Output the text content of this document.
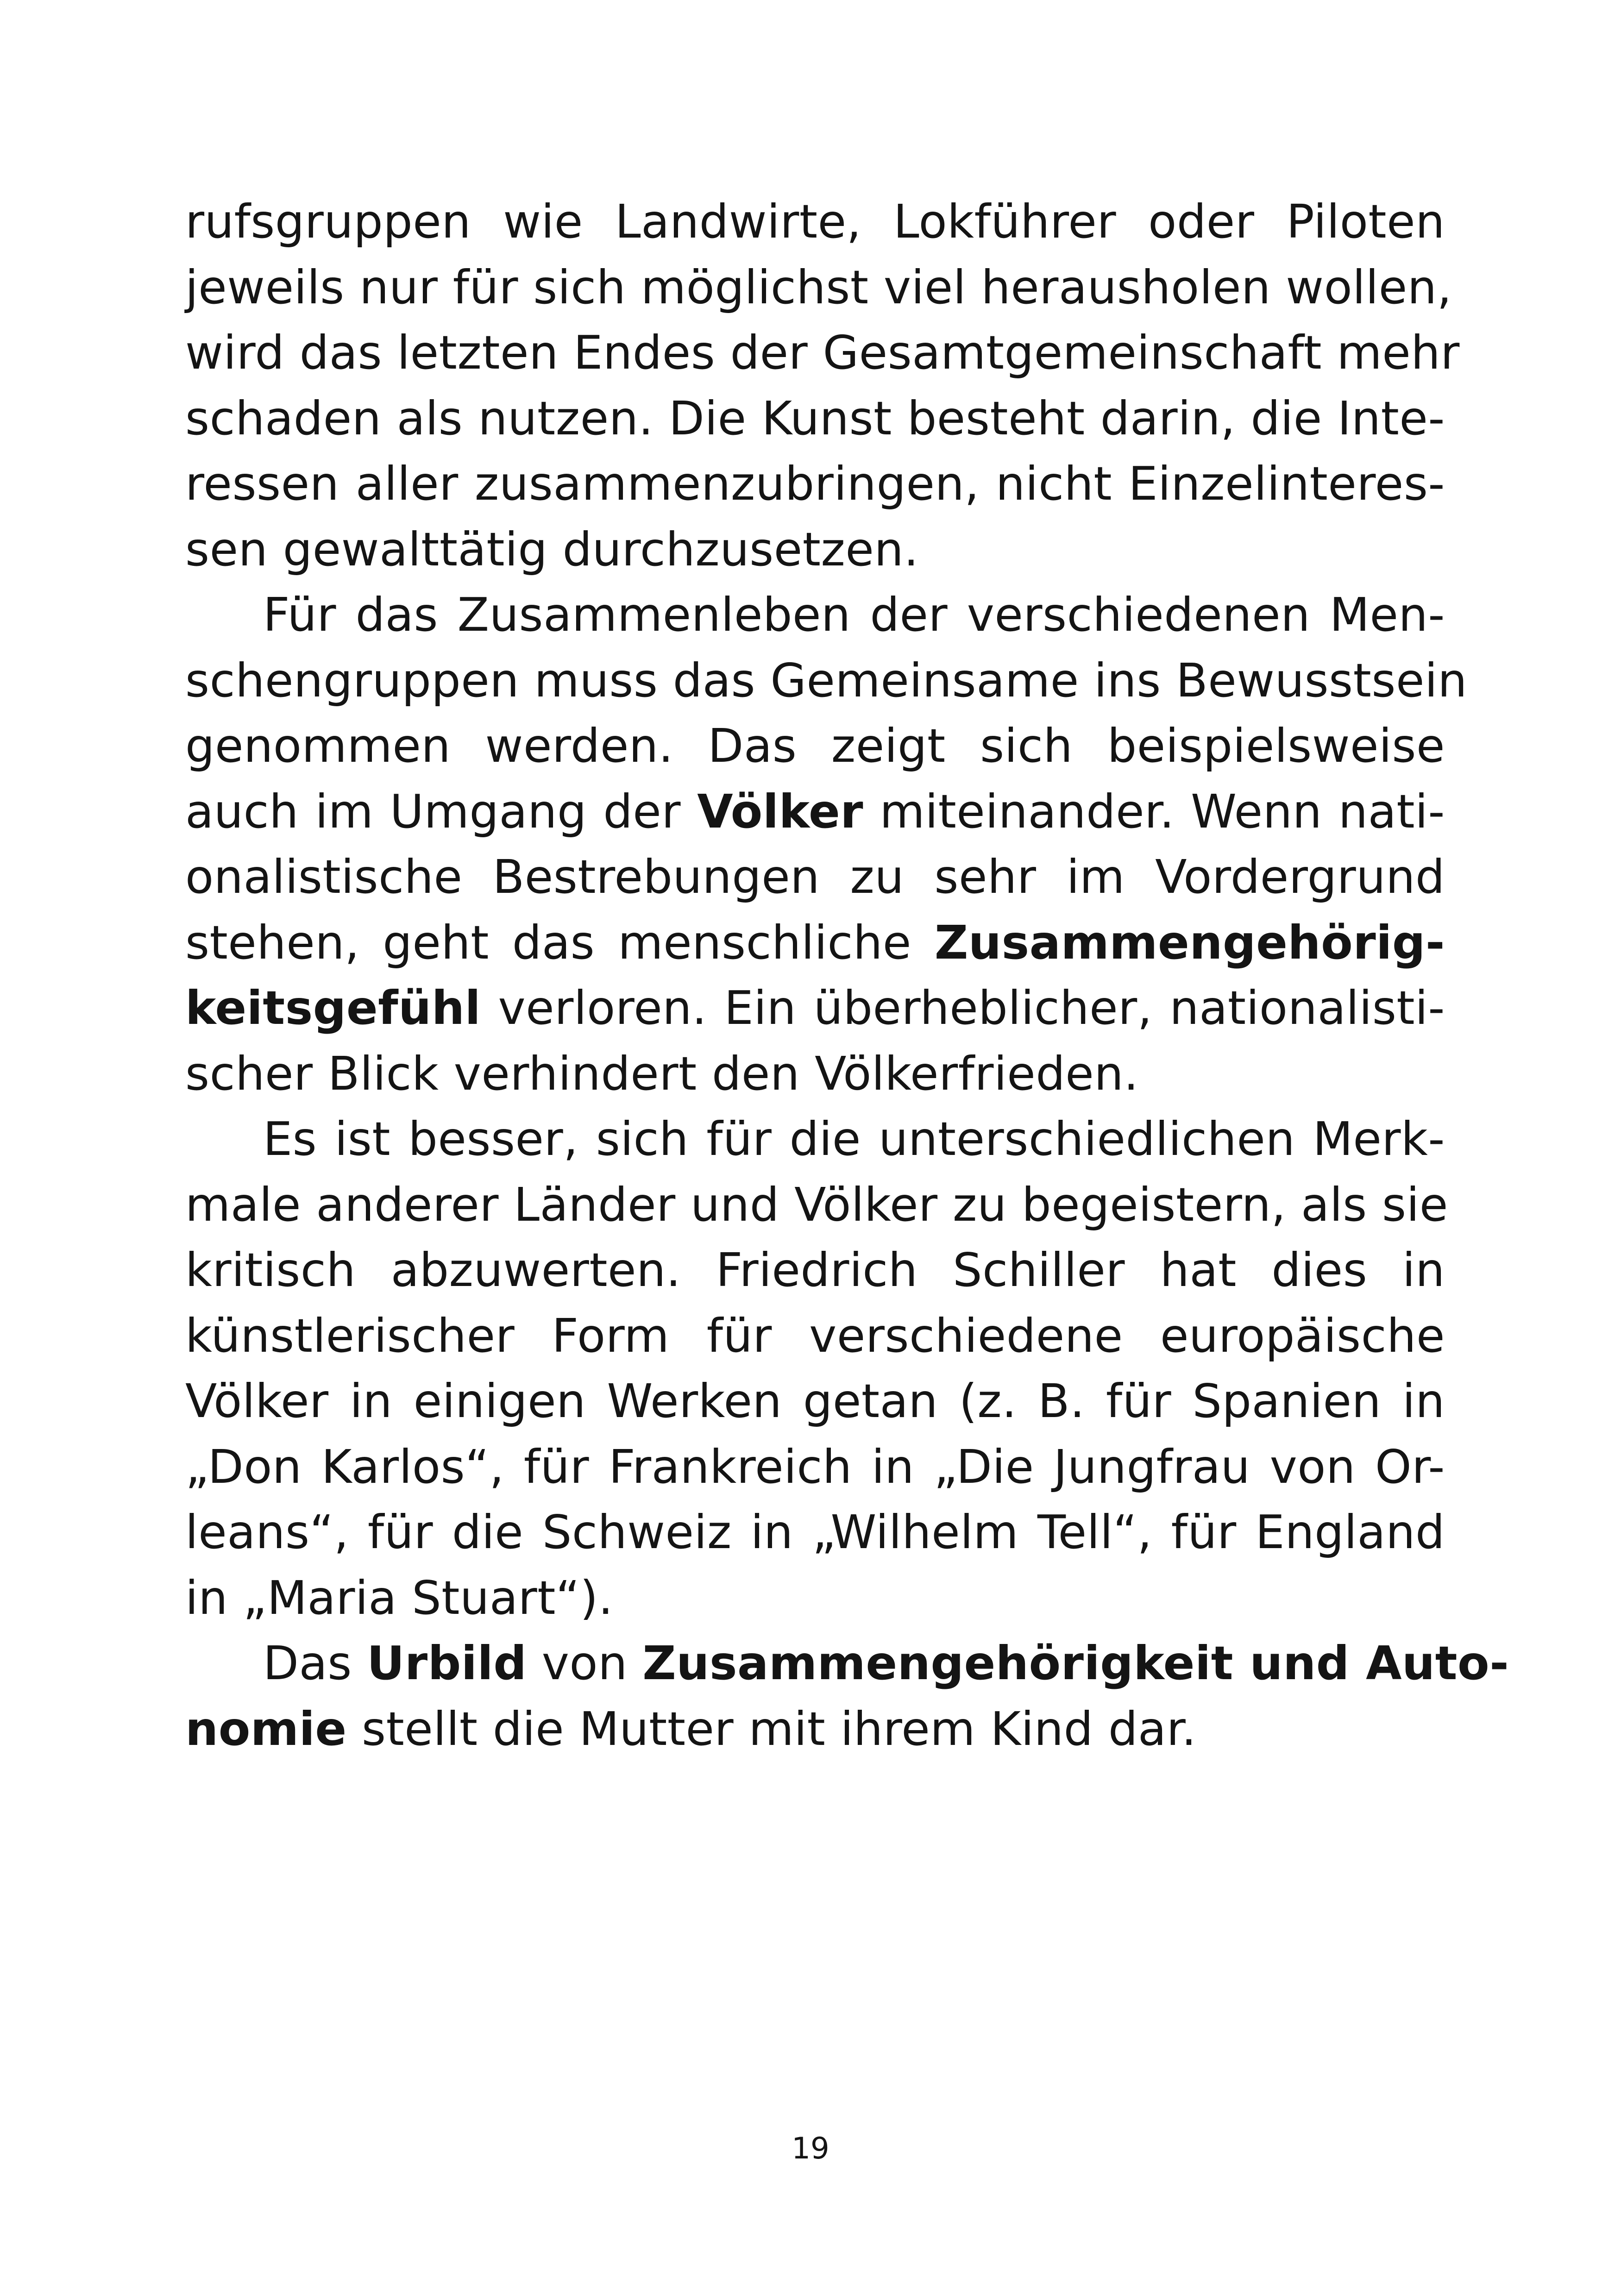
rufsgruppen wie Landwirte, Lokführer oder Piloten
jeweils nur für sich möglichst viel herausholen wollen,
wird das letzten Endes der Gesamtgemeinschaft mehr
schaden als nutzen. Die Kunst besteht darin, die Inte-
ressen aller zusammenzubringen, nicht Einzelinteres-
sen gewalttätig durchzusetzen.
Für das Zusammenleben der verschiedenen Men-
schengruppen muss das Gemeinsame ins Bewusstsein
genommen werden. Das zeigt sich beispielsweise
auch im Umgang der Völker miteinander. Wenn nati-
onalistische Bestrebungen zu sehr im Vordergrund
stehen, geht das menschliche Zusammengehörig-
keitsgefühl verloren. Ein überheblicher, nationalisti-
scher Blick verhindert den Völkerfrieden.
Es ist besser, sich für die unterschiedlichen Merk-
male anderer Länder und Völker zu begeistern, als sie
kritisch abzuwerten. Friedrich Schiller hat dies in
künstlerischer Form für verschiedene europäische
Völker in einigen Werken getan (z. B. für Spanien in
„Don Karlos“, für Frankreich in „Die Jungfrau von Or-
leans“, für die Schweiz in „Wilhelm Tell“, für England
in „Maria Stuart“).
Das Urbild von Zusammengehörigkeit und Auto-
nomie stellt die Mutter mit ihrem Kind dar.
19
